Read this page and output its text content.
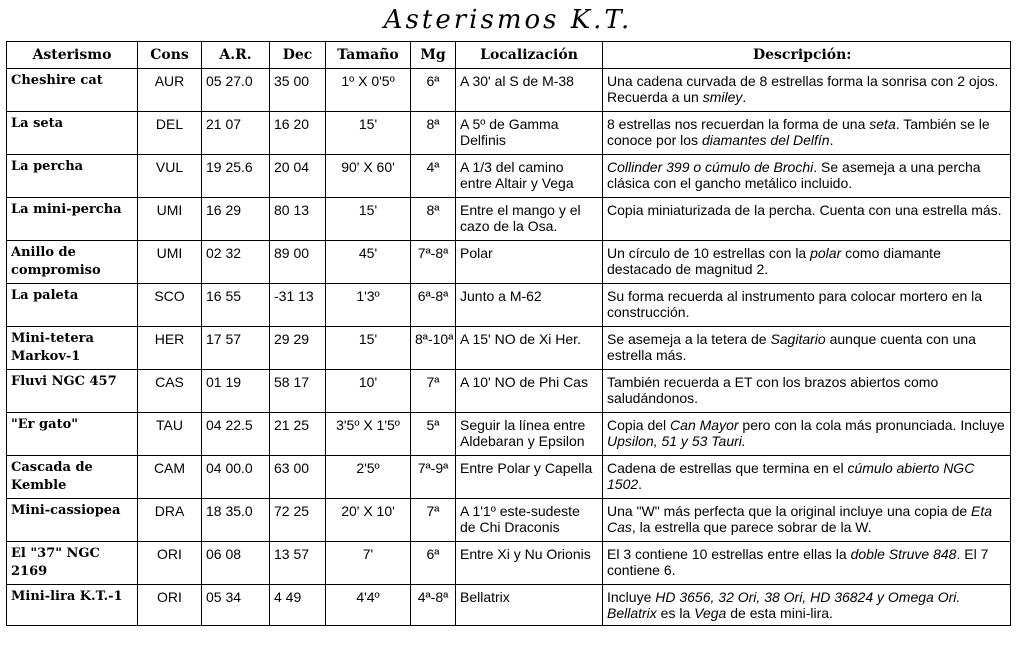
Asterismos K.T.
Asterismo	Cons	A.R.	Dec	Tamaño	Mg	Localización	Descripción:
Cheshire cat	AUR	05 27.0	35 00	1º X 0'5º	6ª	A 30' al S de M-38	Una cadena curvada de 8 estrellas forma la sonrisa con 2 ojos. Recuerda a un smiley.
La seta	DEL	21 07	16 20	15'	8ª	A 5º de Gamma Delfinis	8 estrellas nos recuerdan la forma de una seta. También se le conoce por los diamantes del Delfín.
La percha	VUL	19 25.6	20 04	90' X 60'	4ª	A 1/3 del camino entre Altair y Vega	Collinder 399 o cúmulo de Brochi. Se asemeja a una percha clásica con el gancho metálico incluido.
La mini-percha	UMI	16 29	80 13	15'	8ª	Entre el mango y el cazo de la Osa.	Copia miniaturizada de la percha. Cuenta con una estrella más.
Anillo de compromiso	UMI	02 32	89 00	45'	7ª-8ª	Polar	Un círculo de 10 estrellas con la polar como diamante destacado de magnitud 2.
La paleta	SCO	16 55	-31 13	1'3º	6ª-8ª	Junto a M-62	Su forma recuerda al instrumento para colocar mortero en la construcción.
Mini-tetera Markov-1	HER	17 57	29 29	15'	8ª-10ª	A 15' NO de Xi Her.	Se asemeja a la tetera de Sagitario aunque cuenta con una estrella más.
Fluvi NGC 457	CAS	01 19	58 17	10'	7ª	A 10' NO de Phi Cas	También recuerda a ET con los brazos abiertos como saludándonos.
"Er gato"	TAU	04 22.5	21 25	3'5º X 1'5º	5ª	Seguir la línea entre Aldebaran y Epsilon	Copia del Can Mayor pero con la cola más pronunciada. Incluye Upsilon, 51 y 53 Tauri.
Cascada de Kemble	CAM	04 00.0	63 00	2'5º	7ª-9ª	Entre Polar y Capella	Cadena de estrellas que termina en el cúmulo abierto NGC 1502.
Mini-cassiopea	DRA	18 35.0	72 25	20' X 10'	7ª	A 1'1º este-sudeste de Chi Draconis	Una "W" más perfecta que la original incluye una copia de Eta Cas, la estrella que parece sobrar de la W.
El "37" NGC 2169	ORI	06 08	13 57	7'	6ª	Entre Xi y Nu Orionis	El 3 contiene 10 estrellas entre ellas la doble Struve 848. El 7 contiene 6.
Mini-lira K.T.-1	ORI	05 34	4 49	4'4º	4ª-8ª	Bellatrix	Incluye HD 3656, 32 Ori, 38 Ori, HD 36824 y Omega Ori. Bellatrix es la Vega de esta mini-lira.
